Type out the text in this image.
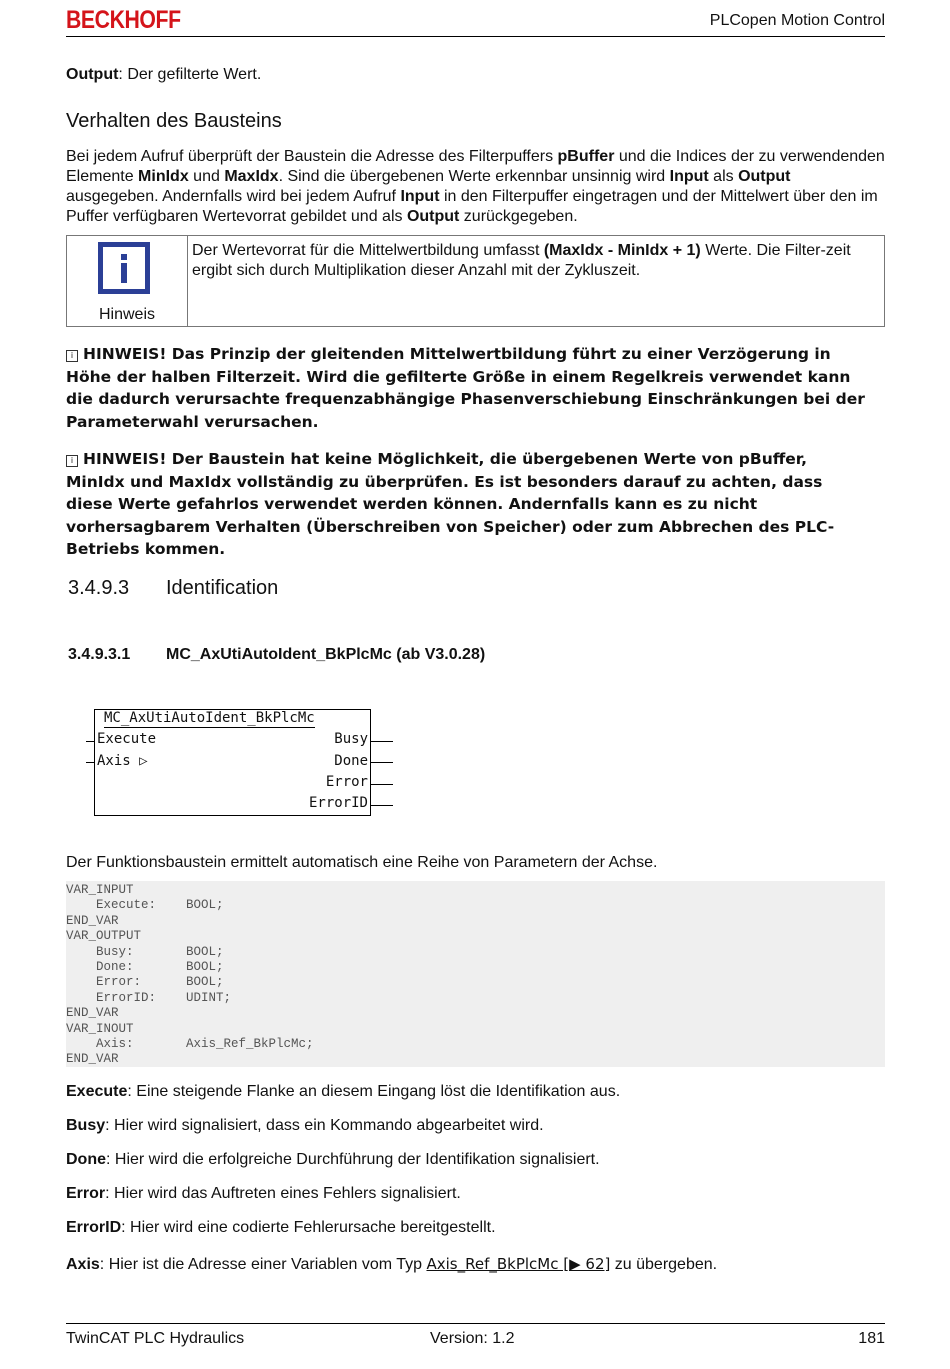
BECKHOFF	PLCopen Motion Control

Output: Der gefilterte Wert.

Verhalten des Bausteins

Bei jedem Aufruf überprüft der Baustein die Adresse des Filterpuffers pBuffer und die Indices der zu verwendenden Elemente MinIdx und MaxIdx. Sind die übergebenen Werte erkennbar unsinnig wird Input als Output ausgegeben. Andernfalls wird bei jedem Aufruf Input in den Filterpuffer eingetragen und der Mittelwert über den im Puffer verfügbaren Wertevorrat gebildet und als Output zurückgegeben.

Hinweis
Der Wertevorrat für die Mittelwertbildung umfasst (MaxIdx - MinIdx + 1) Werte. Die Filter-zeit ergibt sich durch Multiplikation dieser Anzahl mit der Zykluszeit.
i HINWEIS! Das Prinzip der gleitenden Mittelwertbildung führt zu einer Verzögerung in Höhe der halben Filterzeit. Wird die gefilterte Größe in einem Regelkreis verwendet kann die dadurch verursachte frequenzabhängige Phasenverschiebung Einschränkungen bei der Parameterwahl verursachen.
i HINWEIS! Der Baustein hat keine Möglichkeit, die übergebenen Werte von pBuffer, MinIdx und MaxIdx vollständig zu überprüfen. Es ist besonders darauf zu achten, dass diese Werte gefahrlos verwendet werden können. Andernfalls kann es zu nicht vorhersagbarem Verhalten (Überschreiben von Speicher) oder zum Abbrechen des PLC-Betriebs kommen.
3.4.9.3 Identification
3.4.9.3.1 MC_AxUtiAutoIdent_BkPlcMc (ab V3.0.28)
MC_AxUtiAutoIdent_BkPlcMc
Execute
Axis ▷
Busy
Done
Error
ErrorID

Der Funktionsbaustein ermittelt automatisch eine Reihe von Parametern der Achse.

VAR_INPUT
Execute:    BOOL;
END_VAR
VAR_OUTPUT
Busy:       BOOL;
Done:       BOOL;
Error:      BOOL;
ErrorID:    UDINT;
END_VAR
VAR_INOUT
Axis:       Axis_Ref_BkPlcMc;
END_VAR

Execute: Eine steigende Flanke an diesem Eingang löst die Identifikation aus.

Busy: Hier wird signalisiert, dass ein Kommando abgearbeitet wird.

Done: Hier wird die erfolgreiche Durchführung der Identifikation signalisiert.

Error: Hier wird das Auftreten eines Fehlers signalisiert.

ErrorID: Hier wird eine codierte Fehlerursache bereitgestellt.

Axis: Hier ist die Adresse einer Variablen vom Typ Axis_Ref_BkPlcMc [▶ 62] zu übergeben.

TwinCAT PLC Hydraulics	Version: 1.2	181
